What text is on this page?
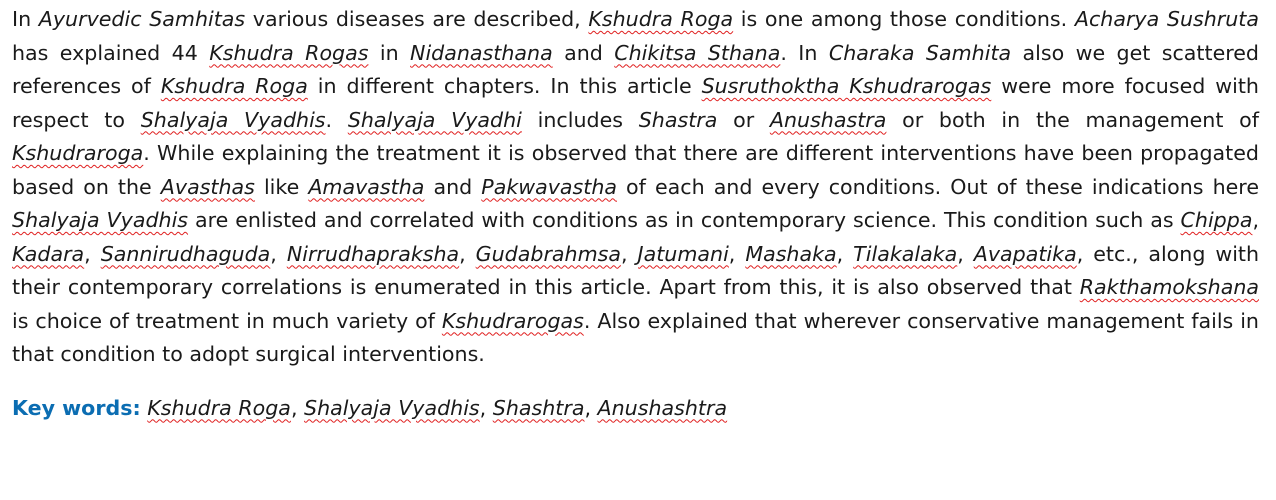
In Ayurvedic Samhitas various diseases are described, Kshudra Roga is one among those conditions. Acharya Sushruta has explained 44 Kshudra Rogas in Nidanasthana and Chikitsa Sthana. In Charaka Samhita also we get scattered references of Kshudra Roga in different chapters. In this article Susruthoktha Kshudrarogas were more focused with respect to Shalyaja Vyadhis. Shalyaja Vyadhi includes Shastra or Anushastra or both in the management of Kshudraroga. While explaining the treatment it is observed that there are different interventions have been propagated based on the Avasthas like Amavastha and Pakwavastha of each and every conditions. Out of these indications here Shalyaja Vyadhis are enlisted and correlated with conditions as in contemporary science. This condition such as Chippa, Kadara, Sannirudhaguda, Nirrudhapraksha, Gudabrahmsa, Jatumani, Mashaka, Tilakalaka, Avapatika, etc., along with their contemporary correlations is enumerated in this article. Apart from this, it is also observed that Rakthamokshana is choice of treatment in much variety of Kshudrarogas. Also explained that wherever conservative management fails in that condition to adopt surgical interventions.

Key words: Kshudra Roga, Shalyaja Vyadhis, Shashtra, Anushashtra
